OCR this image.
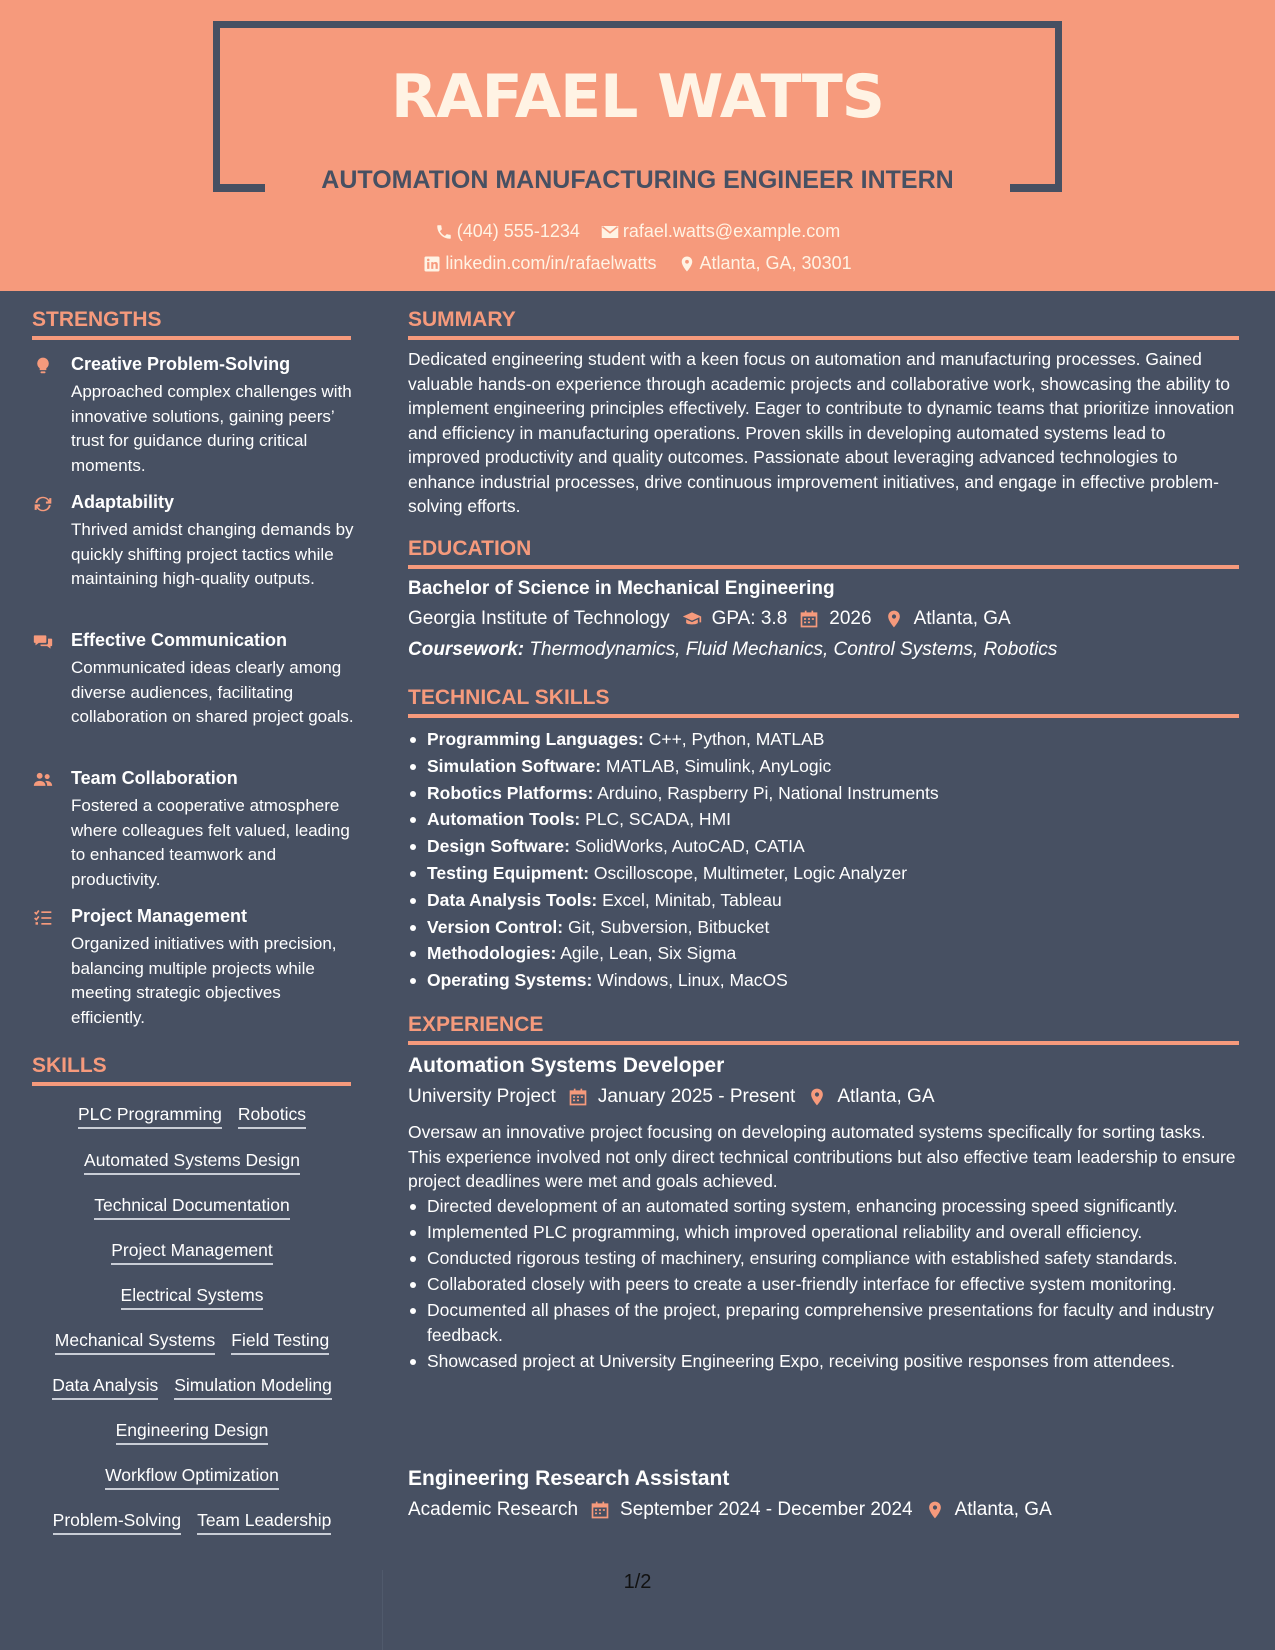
RAFAEL WATTS
AUTOMATION MANUFACTURING ENGINEER INTERN
(404) 555-1234
rafael.watts@example.com
linkedin.com/in/rafaelwatts
Atlanta, GA, 30301
STRENGTHS
Creative Problem-Solving
Approached complex challenges with innovative solutions, gaining peers’ trust for guidance during critical moments.
Adaptability
Thrived amidst changing demands by quickly shifting project tactics while maintaining high-quality outputs.
Effective Communication
Communicated ideas clearly among diverse audiences, facilitating collaboration on shared project goals.
Team Collaboration
Fostered a cooperative atmosphere where colleagues felt valued, leading to enhanced teamwork and productivity.
Project Management
Organized initiatives with precision, balancing multiple projects while meeting strategic objectives efficiently.
SKILLS
PLC Programming Robotics
Automated Systems Design
Technical Documentation
Project Management
Electrical Systems
Mechanical Systems Field Testing
Data Analysis Simulation Modeling
Engineering Design
Workflow Optimization
Problem-Solving Team Leadership
SUMMARY
Dedicated engineering student with a keen focus on automation and manufacturing processes. Gained valuable hands-on experience through academic projects and collaborative work, showcasing the ability to implement engineering principles effectively. Eager to contribute to dynamic teams that prioritize innovation and efficiency in manufacturing operations. Proven skills in developing automated systems lead to improved productivity and quality outcomes. Passionate about leveraging advanced technologies to enhance industrial processes, drive continuous improvement initiatives, and engage in effective problem-solving efforts.
EDUCATION
Bachelor of Science in Mechanical Engineering
Georgia Institute of Technology GPA: 3.8 2026 Atlanta, GA
Coursework: Thermodynamics, Fluid Mechanics, Control Systems, Robotics
TECHNICAL SKILLS
Programming Languages: C++, Python, MATLAB
Simulation Software: MATLAB, Simulink, AnyLogic
Robotics Platforms: Arduino, Raspberry Pi, National Instruments
Automation Tools: PLC, SCADA, HMI
Design Software: SolidWorks, AutoCAD, CATIA
Testing Equipment: Oscilloscope, Multimeter, Logic Analyzer
Data Analysis Tools: Excel, Minitab, Tableau
Version Control: Git, Subversion, Bitbucket
Methodologies: Agile, Lean, Six Sigma
Operating Systems: Windows, Linux, MacOS
EXPERIENCE
Automation Systems Developer
University Project January 2025 - Present Atlanta, GA
Oversaw an innovative project focusing on developing automated systems specifically for sorting tasks. This experience involved not only direct technical contributions but also effective team leadership to ensure project deadlines were met and goals achieved.
Directed development of an automated sorting system, enhancing processing speed significantly.
Implemented PLC programming, which improved operational reliability and overall efficiency.
Conducted rigorous testing of machinery, ensuring compliance with established safety standards.
Collaborated closely with peers to create a user-friendly interface for effective system monitoring.
Documented all phases of the project, preparing comprehensive presentations for faculty and industry feedback.
Showcased project at University Engineering Expo, receiving positive responses from attendees.
Engineering Research Assistant
Academic Research September 2024 - December 2024 Atlanta, GA
1/2
